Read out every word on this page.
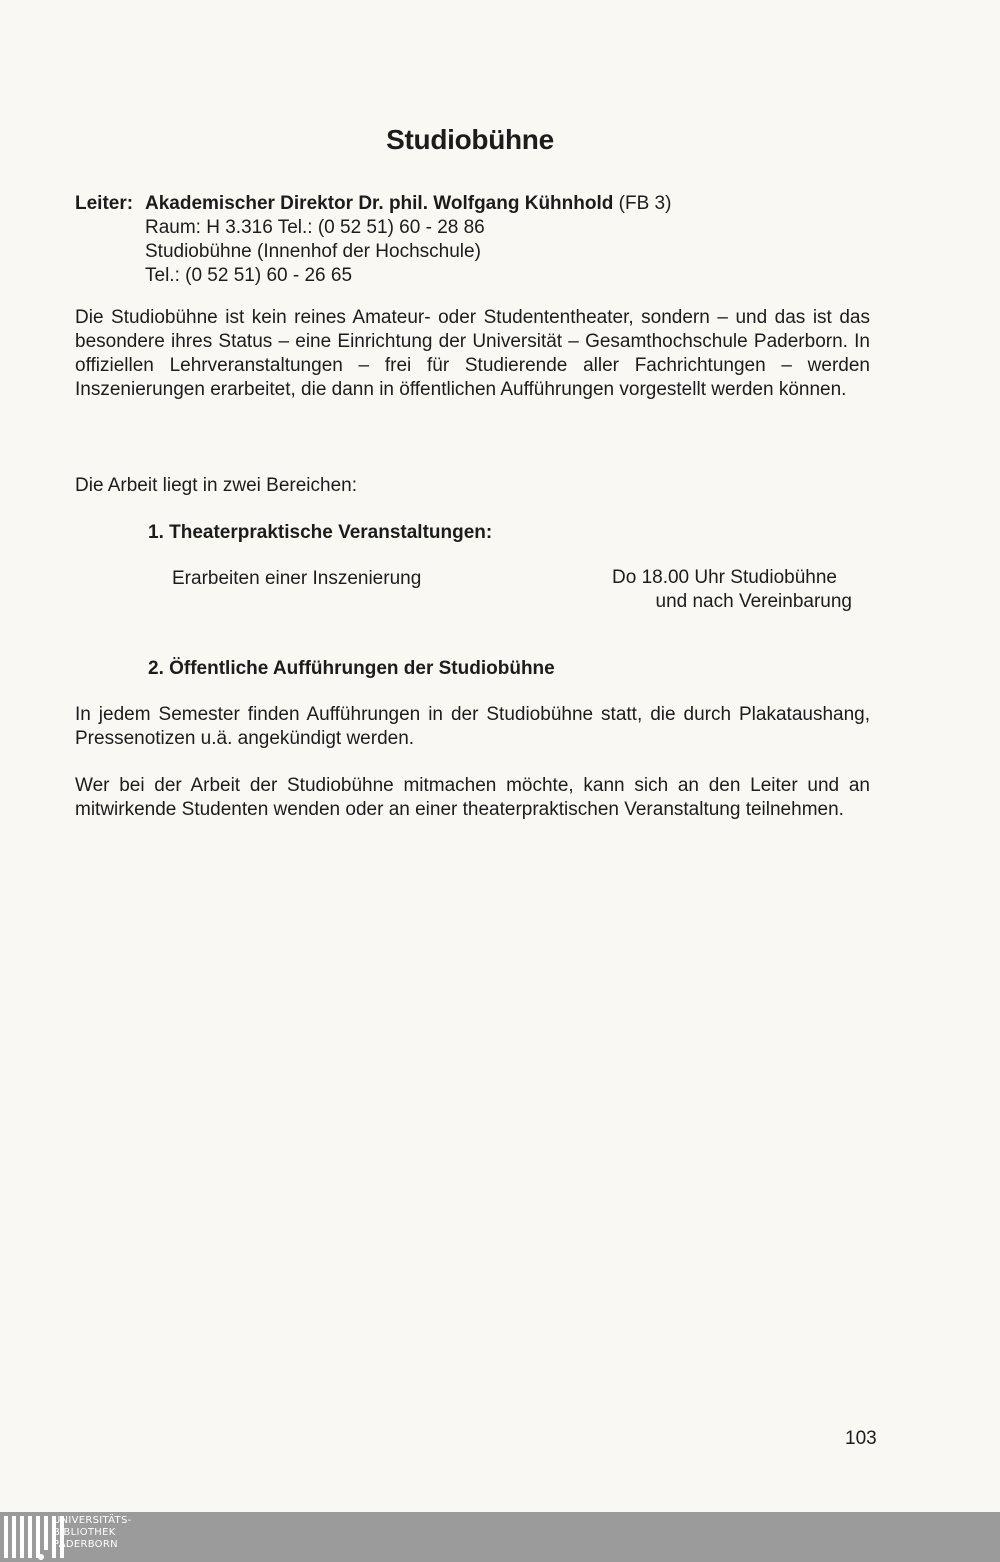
Studiobühne
Leiter: Akademischer Direktor Dr. phil. Wolfgang Kühnhold (FB 3)
Raum: H 3.316 Tel.: (0 52 51) 60 - 28 86
Studiobühne (Innenhof der Hochschule)
Tel.: (0 52 51) 60 - 26 65
Die Studiobühne ist kein reines Amateur- oder Studententheater, sondern – und das ist das besondere ihres Status – eine Einrichtung der Universität – Gesamthochschule Paderborn. In offiziellen Lehrveranstaltungen – frei für Studierende aller Fachrichtungen – werden Inszenierungen erarbeitet, die dann in öffentlichen Aufführungen vorgestellt werden können.
Die Arbeit liegt in zwei Bereichen:
1. Theaterpraktische Veranstaltungen:
Erarbeiten einer Inszenierung	Do 18.00 Uhr Studiobühne
und nach Vereinbarung
2. Öffentliche Aufführungen der Studiobühne
In jedem Semester finden Aufführungen in der Studiobühne statt, die durch Plakataushang, Pressenotizen u.ä. angekündigt werden.
Wer bei der Arbeit der Studiobühne mitmachen möchte, kann sich an den Leiter und an mitwirkende Studenten wenden oder an einer theaterpraktischen Veranstaltung teilnehmen.
103
UNIVERSITÄTS-
BIBLIOTHEK
PADERBORN
